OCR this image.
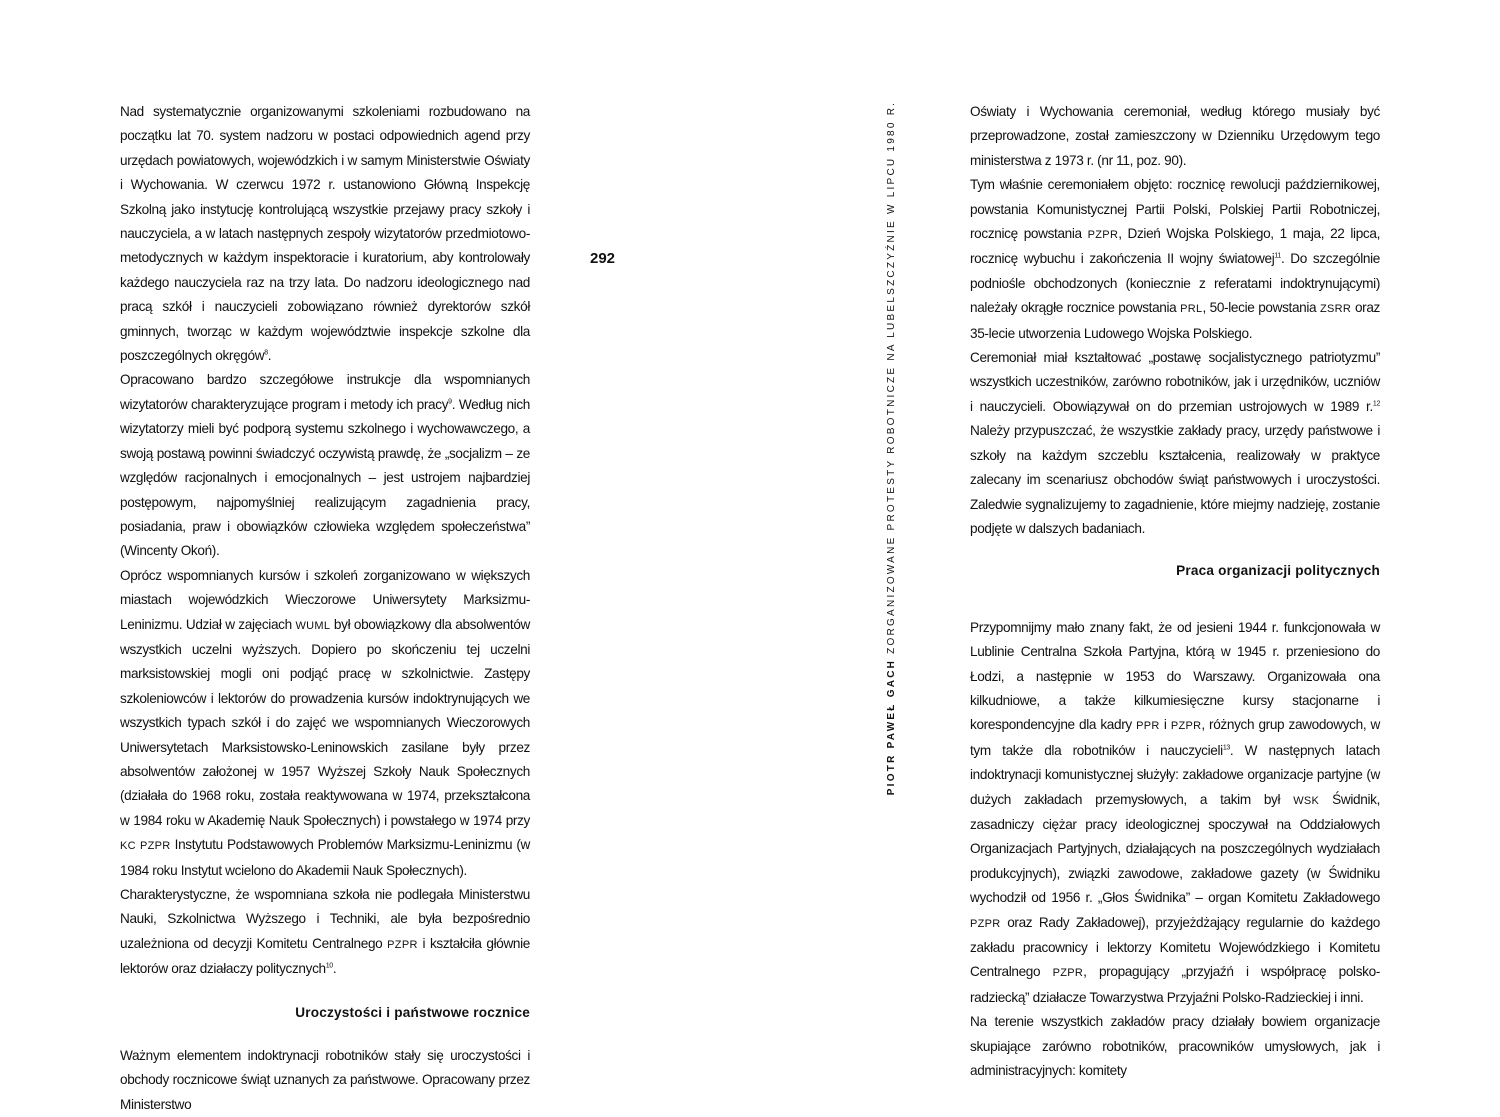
292
PIOTR PAWEŁ GACH ZORGANIZOWANE PROTESTY ROBOTNICZE NA LUBELSZCZYŹNIE W LIPCU 1980 R.

Nad systematycznie organizowanymi szkoleniami rozbudowano na początku lat 70. system nadzoru w postaci odpowiednich agend przy urzędach powiatowych, wojewódzkich i w samym Ministerstwie Oświaty i Wychowania. W czerwcu 1972 r. ustanowiono Główną Inspekcję Szkolną jako instytucję kontrolującą wszystkie przejawy pracy szkoły i nauczyciela, a w latach następnych zespoły wizytatorów przedmiotowo-metodycznych w każdym inspektoracie i kuratorium, aby kontrolowały każdego nauczyciela raz na trzy lata. Do nadzoru ideologicznego nad pracą szkół i nauczycieli zobowiązano również dyrektorów szkół gminnych, tworząc w każdym województwie inspekcje szkolne dla poszczególnych okręgów$^8$.

Opracowano bardzo szczegółowe instrukcje dla wspomnianych wizytatorów charakteryzujące program i metody ich pracy$^9$. Według nich wizytatorzy mieli być podporą systemu szkolnego i wychowawczego, a swoją postawą powinni świadczyć oczywistą prawdę, że „socjalizm – ze względów racjonalnych i emocjonalnych – jest ustrojem najbardziej postępowym, najpomyślniej realizującym zagadnienia pracy, posiadania, praw i obowiązków człowieka względem społeczeństwa” (Wincenty Okoń).

Oprócz wspomnianych kursów i szkoleń zorganizowano w większych miastach wojewódzkich Wieczorowe Uniwersytety Marksizmu-Leninizmu. Udział w zajęciach WUML był obowiązkowy dla absolwentów wszystkich uczelni wyższych. Dopiero po skończeniu tej uczelni marksistowskiej mogli oni podjąć pracę w szkolnictwie. Zastępy szkoleniowców i lektorów do prowadzenia kursów indoktrynujących we wszystkich typach szkół i do zajęć we wspomnianych Wieczorowych Uniwersytetach Marksistowsko-Leninowskich zasilane były przez absolwentów założonej w 1957 Wyższej Szkoły Nauk Społecznych (działała do 1968 roku, została reaktywowana w 1974, przekształcona w 1984 roku w Akademię Nauk Społecznych) i powstałego w 1974 przy KC PZPR Instytutu Podstawowych Problemów Marksizmu-Leninizmu (w 1984 roku Instytut wcielono do Akademii Nauk Społecznych).

Charakterystyczne, że wspomniana szkoła nie podlegała Ministerstwu Nauki, Szkolnictwa Wyższego i Techniki, ale była bezpośrednio uzależniona od decyzji Komitetu Centralnego PZPR i kształciła głównie lektorów oraz działaczy politycznych$^{10}$.

Uroczystości i państwowe rocznice

Ważnym elementem indoktrynacji robotników stały się uroczystości i obchody rocznicowe świąt uznanych za państwowe. Opracowany przez Ministerstwo

Oświaty i Wychowania ceremoniał, według którego musiały być przeprowadzone, został zamieszczony w Dzienniku Urzędowym tego ministerstwa z 1973 r. (nr 11, poz. 90).

Tym właśnie ceremoniałem objęto: rocznicę rewolucji październikowej, powstania Komunistycznej Partii Polski, Polskiej Partii Robotniczej, rocznicę powstania PZPR, Dzień Wojska Polskiego, 1 maja, 22 lipca, rocznicę wybuchu i zakończenia II wojny światowej$^{11}$. Do szczególnie podniośle obchodzonych (koniecznie z referatami indoktrynującymi) należały okrągłe rocznice powstania PRL, 50-lecie powstania ZSRR oraz 35-lecie utworzenia Ludowego Wojska Polskiego.

Ceremoniał miał kształtować „postawę socjalistycznego patriotyzmu” wszystkich uczestników, zarówno robotników, jak i urzędników, uczniów i nauczycieli. Obowiązywał on do przemian ustrojowych w 1989 r.$^{12}$ Należy przypuszczać, że wszystkie zakłady pracy, urzędy państwowe i szkoły na każdym szczeblu kształcenia, realizowały w praktyce zalecany im scenariusz obchodów świąt państwowych i uroczystości. Zaledwie sygnalizujemy to zagadnienie, które miejmy nadzieję, zostanie podjęte w dalszych badaniach.

Praca organizacji politycznych

Przypomnijmy mało znany fakt, że od jesieni 1944 r. funkcjonowała w Lublinie Centralna Szkoła Partyjna, którą w 1945 r. przeniesiono do Łodzi, a następnie w 1953 do Warszawy. Organizowała ona kilkudniowe, a także kilkumiesięczne kursy stacjonarne i korespondencyjne dla kadry PPR i PZPR, różnych grup zawodowych, w tym także dla robotników i nauczycieli$^{13}$. W następnych latach indoktrynacji komunistycznej służyły: zakładowe organizacje partyjne (w dużych zakładach przemysłowych, a takim był WSK Świdnik, zasadniczy ciężar pracy ideologicznej spoczywał na Oddziałowych Organizacjach Partyjnych, działających na poszczególnych wydziałach produkcyjnych), związki zawodowe, zakładowe gazety (w Świdniku wychodził od 1956 r. „Głos Świdnika” – organ Komitetu Zakładowego PZPR oraz Rady Zakładowej), przyjeżdżający regularnie do każdego zakładu pracownicy i lektorzy Komitetu Wojewódzkiego i Komitetu Centralnego PZPR, propagujący „przyjaźń i współpracę polsko-radziecką” działacze Towarzystwa Przyjaźni Polsko-Radzieckiej i inni.

Na terenie wszystkich zakładów pracy działały bowiem organizacje skupiające zarówno robotników, pracowników umysłowych, jak i administracyjnych: komitety
